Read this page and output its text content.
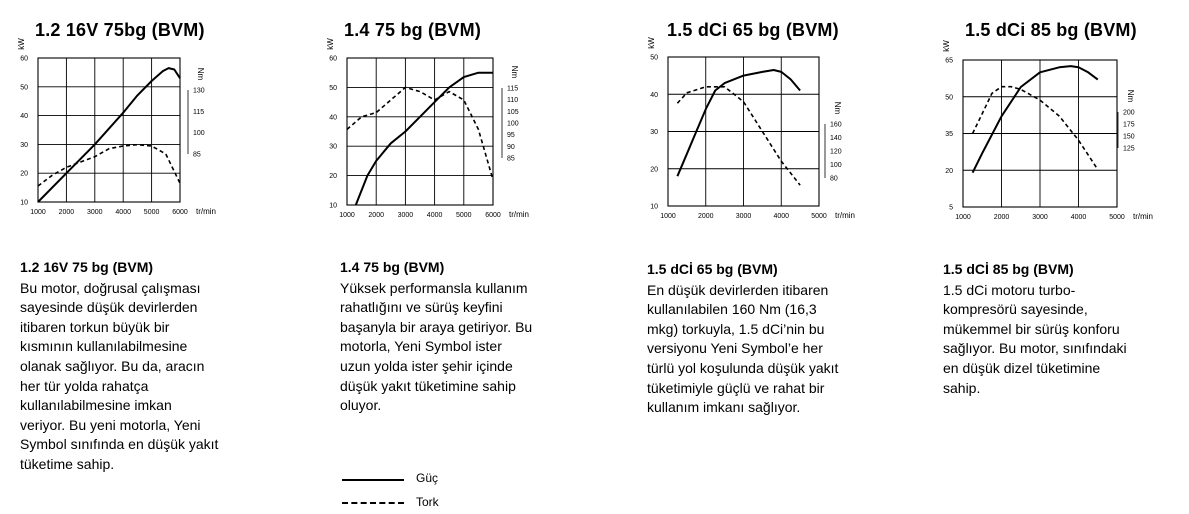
1.2 16V 75bg (BVM)	1.4 75 bg (BVM)	1.5 dCi 65 bg (BVM)	1.5 dCi 85 bg (BVM)
1000 2000 3000 4000 5000 6000 tr/min
10
20
30
40
50
60
kW
130
115
100
85
Nm
1000 2000 3000 4000 5000 6000 tr/min
10
20
30
40
50
60
kW
115
110
105
100
95
90
85
Nm
1000	2000	3000	4000	5000 tr/min
10
20
30
40
50
kW
160
140
120
100
80
Nm
1000	2000	3000	4000	5000 tr/min
5
20
35
50
65
kW
200
175
150
125
Nm
1.2 16V 75 bg (BVM)
Bu motor, doğrusal çalışması
sayesinde düşük devirlerden
itibaren torkun büyük bir
kısmının kullanılabilmesine
olanak sağlıyor. Bu da, aracın
her tür yolda rahatça
kullanılabilmesine imkan
veriyor. Bu yeni motorla, Yeni
Symbol sınıfında en düşük yakıt
tüketime sahip.
1.4 75 bg (BVM)
Yüksek performansla kullanım
rahatlığını ve sürüş keyfini
başanyla bir araya getiriyor. Bu
motorla, Yeni Symbol ister
uzun yolda ister şehir içinde
düşük yakıt tüketimine sahip
oluyor.
1.5 dCİ 65 bg (BVM)
En düşük devirlerden itibaren
kullanılabilen 160 Nm (16,3
mkg) torkuyla, 1.5 dCi’nin bu
versiyonu Yeni Symbol’e her
türlü yol koşulunda düşük yakıt
tüketimiyle güçlü ve rahat bir
kullanım imkanı sağlıyor.
1.5 dCİ 85 bg (BVM)
1.5 dCi motoru turbo-
kompresörü sayesinde,
mükemmel bir sürüş konforu
sağlıyor. Bu motor, sınıfındaki
en düşük dizel tüketimine
sahip.
Güç
Tork
